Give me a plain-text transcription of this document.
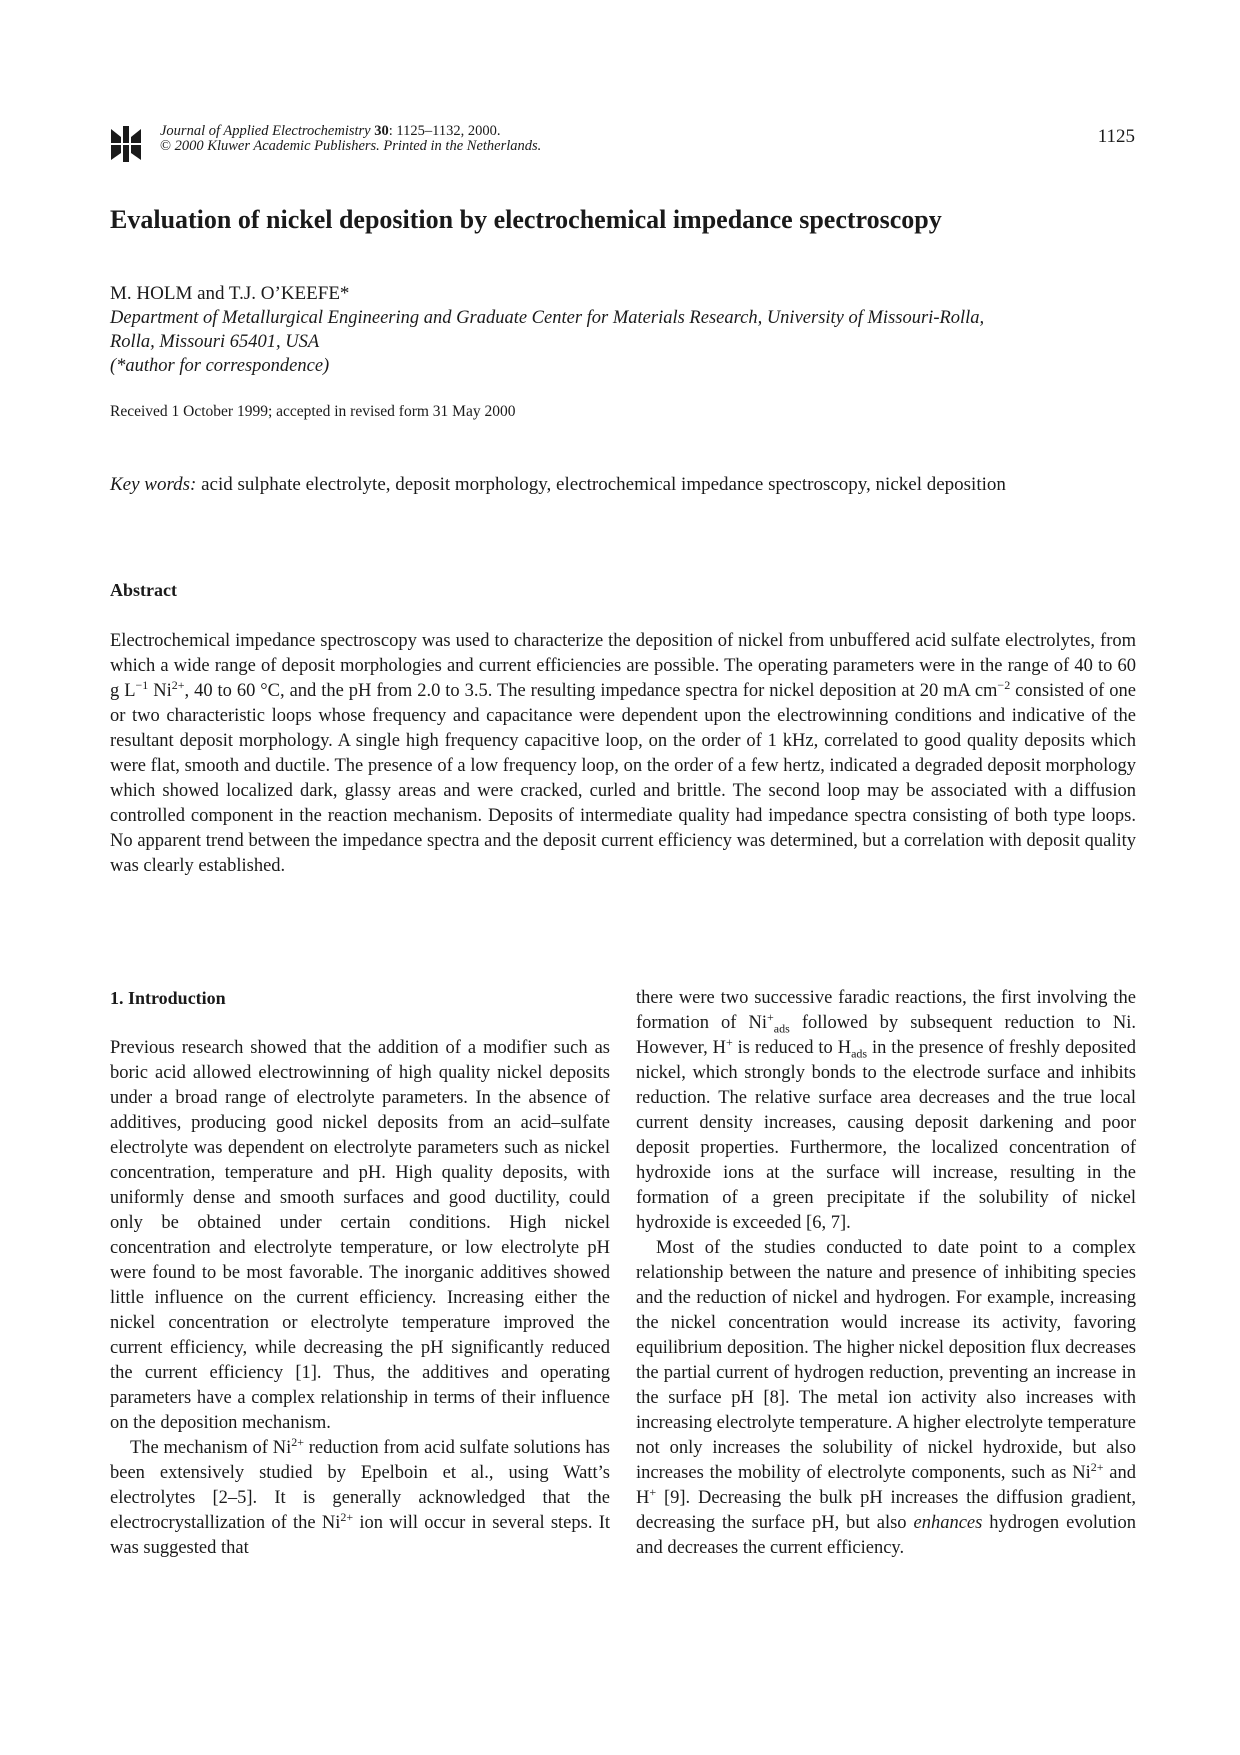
Journal of Applied Electrochemistry 30: 1125–1132, 2000.
© 2000 Kluwer Academic Publishers. Printed in the Netherlands.	1125
Evaluation of nickel deposition by electrochemical impedance spectroscopy
M. HOLM and T.J. O’KEEFE*
Department of Metallurgical Engineering and Graduate Center for Materials Research, University of Missouri-Rolla,
Rolla, Missouri 65401, USA
(*author for correspondence)
Received 1 October 1999; accepted in revised form 31 May 2000
Key words: acid sulphate electrolyte, deposit morphology, electrochemical impedance spectroscopy, nickel deposition
Abstract

Electrochemical impedance spectroscopy was used to characterize the deposition of nickel from unbuffered acid sulfate electrolytes, from which a wide range of deposit morphologies and current efficiencies are possible. The operating parameters were in the range of 40 to 60 g $L^{-1}$ $Ni^{2+}$, 40 to 60 °C, and the pH from 2.0 to 3.5. The resulting impedance spectra for nickel deposition at 20 mA $cm^{-2}$ consisted of one or two characteristic loops whose frequency and capacitance were dependent upon the electrowinning conditions and indicative of the resultant deposit morphology. A single high frequency capacitive loop, on the order of 1 kHz, correlated to good quality deposits which were flat, smooth and ductile. The presence of a low frequency loop, on the order of a few hertz, indicated a degraded deposit morphology which showed localized dark, glassy areas and were cracked, curled and brittle. The second loop may be associated with a diffusion controlled component in the reaction mechanism. Deposits of intermediate quality had impedance spectra consisting of both type loops. No apparent trend between the impedance spectra and the deposit current efficiency was determined, but a correlation with deposit quality was clearly established.

1. Introduction

Previous research showed that the addition of a modifier such as boric acid allowed electrowinning of high quality nickel deposits under a broad range of electrolyte parameters. In the absence of additives, producing good nickel deposits from an acid–sulfate electrolyte was dependent on electrolyte parameters such as nickel concentration, temperature and pH. High quality deposits, with uniformly dense and smooth surfaces and good ductility, could only be obtained under certain conditions. High nickel concentration and electrolyte temperature, or low electrolyte pH were found to be most favorable. The inorganic additives showed little influence on the current efficiency. Increasing either the nickel concentration or electrolyte temperature improved the current efficiency, while decreasing the pH significantly reduced the current efficiency [1]. Thus, the additives and operating parameters have a complex relationship in terms of their influence on the deposition mechanism.

The mechanism of $Ni^{2+}$ reduction from acid sulfate solutions has been extensively studied by Epelboin et al., using Watt’s electrolytes [2–5]. It is generally acknowledged that the electrocrystallization of the $Ni^{2+}$ ion will occur in several steps. It was suggested that

there were two successive faradic reactions, the first involving the formation of $Ni^+_{ads}$ followed by subsequent reduction to Ni. However, H+ is reduced to $H_{ads}$ in the presence of freshly deposited nickel, which strongly bonds to the electrode surface and inhibits reduction. The relative surface area decreases and the true local current density increases, causing deposit darkening and poor deposit properties. Furthermore, the localized concentration of hydroxide ions at the surface will increase, resulting in the formation of a green precipitate if the solubility of nickel hydroxide is exceeded [6, 7].

Most of the studies conducted to date point to a complex relationship between the nature and presence of inhibiting species and the reduction of nickel and hydrogen. For example, increasing the nickel concentration would increase its activity, favoring equilibrium deposition. The higher nickel deposition flux decreases the partial current of hydrogen reduction, preventing an increase in the surface pH [8]. The metal ion activity also increases with increasing electrolyte temperature. A higher electrolyte temperature not only increases the solubility of nickel hydroxide, but also increases the mobility of electrolyte components, such as $Ni^{2+}$ and H+ [9]. Decreasing the bulk pH increases the diffusion gradient, decreasing the surface pH, but also enhances hydrogen evolution and decreases the current efficiency.
